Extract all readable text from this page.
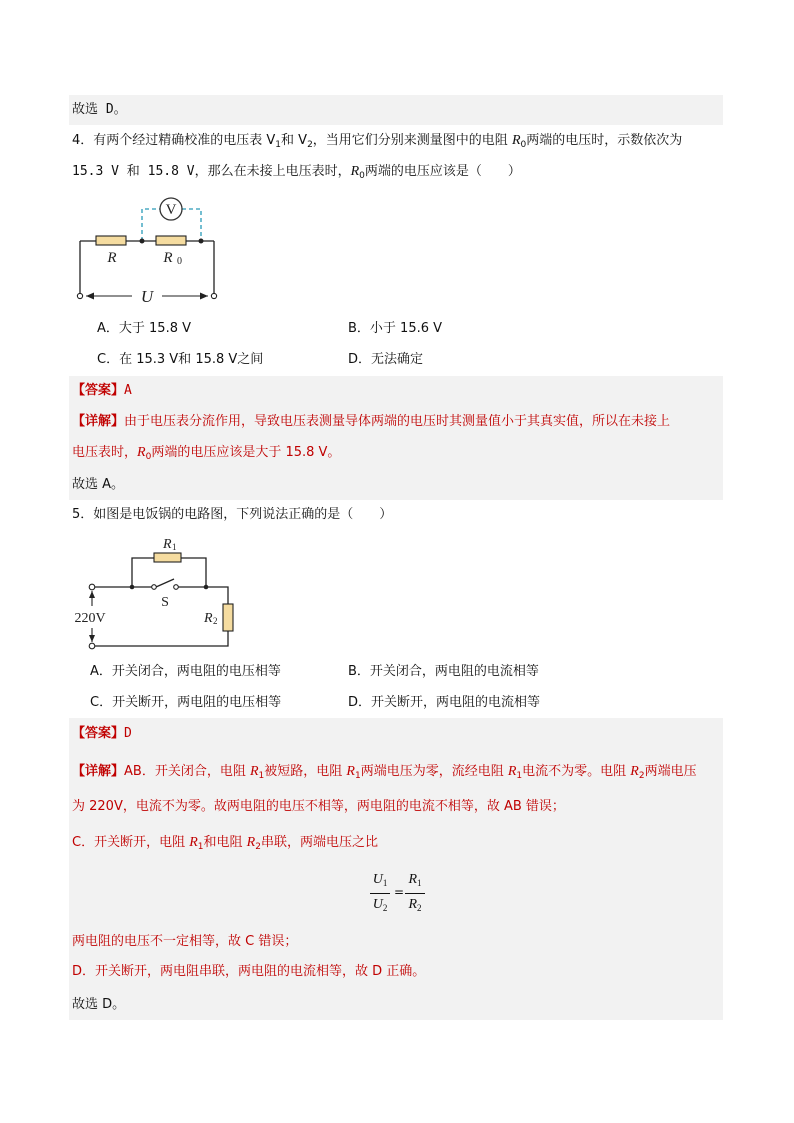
故选 D。
4．有两个经过精确校准的电压表 $V_1$和 $V_2$，当用它们分别来测量图中的电阻 $R_0$两端的电压时，示数依次为
15.3 V 和 15.8 V，那么在未接上电压表时，$R_0$两端的电压应该是（　　）
V
R	R 0
U
A．大于 15.8 V	B．小于 15.6 V
C．在 15.3 V和 15.8 V之间	D．无法确定
【答案】A
【详解】由于电压表分流作用，导致电压表测量导体两端的电压时其测量值小于其真实值，所以在未接上
电压表时，$R_0$两端的电压应该是大于 15.8 V。
故选 A。
5．如图是电饭锅的电路图，下列说法正确的是（　　）
R 1
S
R 2
220V
A．开关闭合，两电阻的电压相等	B．开关闭合，两电阻的电流相等
C．开关断开，两电阻的电压相等	D．开关断开，两电阻的电流相等
【答案】D
【详解】AB．开关闭合，电阻 $R_1$被短路，电阻 $R_1$两端电压为零，流经电阻 $R_1$电流不为零。电阻 $R_2$两端电压
为 220V，电流不为零。故两电阻的电压不相等，两电阻的电流不相等，故 AB 错误；
C．开关断开，电阻 $R_1$和电阻 $R_2$串联，两端电压之比
$U_1$
$U_2$
=
$R_1$
$R_2$
两电阻的电压不一定相等，故 C 错误；
D．开关断开，两电阻串联，两电阻的电流相等，故 D 正确。
故选 D。
